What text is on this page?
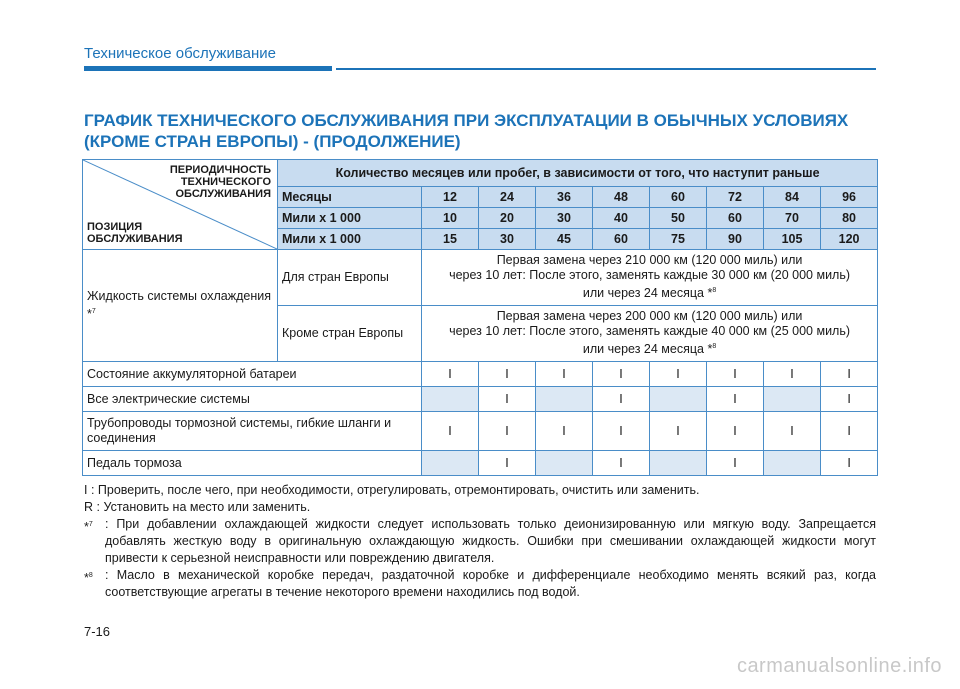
Техническое обслуживание
ГРАФИК ТЕХНИЧЕСКОГО ОБСЛУЖИВАНИЯ ПРИ ЭКСПЛУАТАЦИИ В ОБЫЧНЫХ УСЛОВИЯХ (КРОМЕ СТРАН ЕВРОПЫ) - (ПРОДОЛЖЕНИЕ)
ПЕРИОДИЧНОСТЬ ТЕХНИЧЕСКОГО ОБСЛУЖИВАНИЯ
ПОЗИЦИЯ ОБСЛУЖИВАНИЯ	Количество месяцев или пробег, в зависимости от того, что наступит раньше								
	Месяцы	12	24	36	48	60	72	84	96
	Мили x 1 000	10	20	30	40	50	60	70	80
	Мили x 1 000	15	30	45	60	75	90	105	120
Жидкость системы охлаждения *$^7$	Для стран Европы	Первая замена через 210 000 км (120 000 миль) или
через 10 лет: После этого, заменять каждые 30 000 км (20 000 миль)
или через 24 месяца *$^8$

	Кроме стран Европы	Первая замена через 200 000 км (120 000 миль) или
через 10 лет: После этого, заменять каждые 40 000 км (25 000 миль)
или через 24 месяца *$^8$

Состояние аккумуляторной батареи		I	I	I	I	I	I	I	I
Все электрические системы			I		I		I		I
Трубопроводы тормозной системы, гибкие шланги и соединения		I	I	I	I	I	I	I	I
Педаль тормоза			I		I		I		I
I :
Проверить, после чего, при необходимости, отрегулировать, отремонтировать, очистить или заменить.
R :
Установить на место или заменить.
*$^7$ : При добавлении охлаждающей жидкости следует использовать только деионизированную или мягкую воду. Запрещается добавлять жесткую воду в оригинальную охлаждающую жидкость. Ошибки при смешивании охлаждающей жидкости могут привести к серьезной неисправности или повреждению двигателя.
*$^8$ : Масло в механической коробке передач, раздаточной коробке и дифференциале необходимо менять всякий раз, когда соответствующие агрегаты в течение некоторого времени находились под водой.
7-16
carmanualsonline.info
